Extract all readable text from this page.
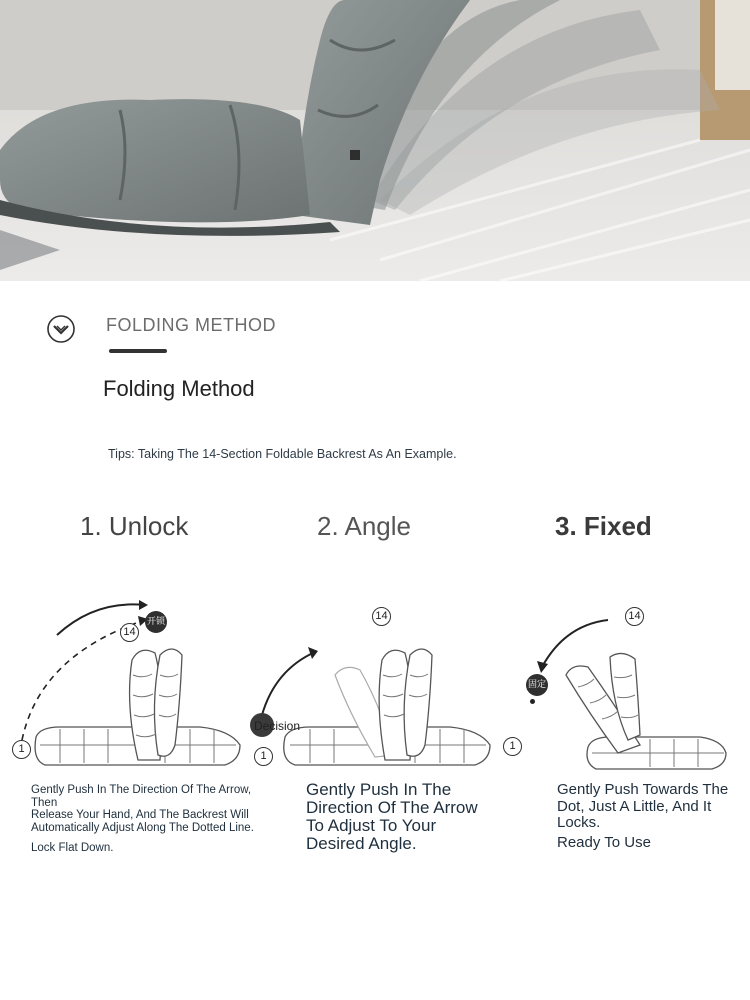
FOLDING METHOD
Folding Method
Tips: Taking The 14-Section Foldable Backrest As An Example.
1. Unlock	2. Angle	3. Fixed
开锁
14
1
14
Decision
1
14
固定
1
Gently Push In The Direction Of The Arrow, Then
Release Your Hand, And The Backrest Will Automatically Adjust Along The Dotted Line.
Lock Flat Down.
Gently Push In The Direction Of The Arrow To Adjust To Your Desired Angle.
Gently Push Towards The Dot, Just A Little, And It Locks.
Ready To Use
